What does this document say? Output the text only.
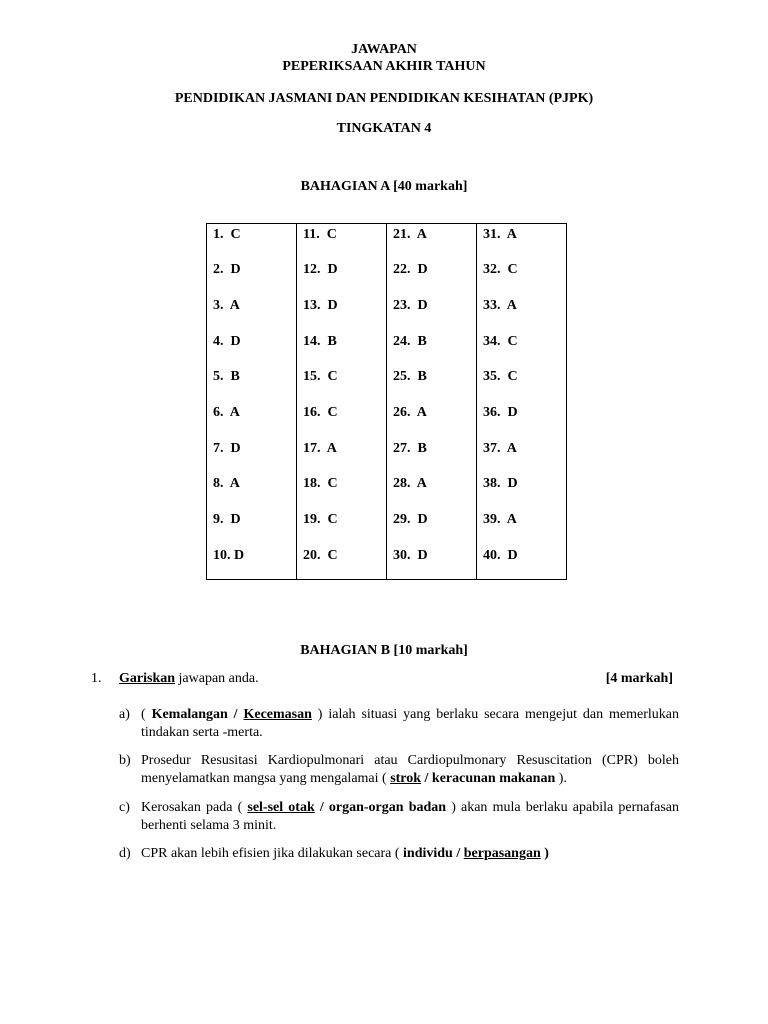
JAWAPAN
PEPERIKSAAN AKHIR TAHUN
PENDIDIKAN JASMANI DAN PENDIDIKAN KESIHATAN (PJPK)
TINGKATAN 4
BAHAGIAN A [40 markah]
1.  C	11.  C	21.  A	31.  A

2.  D	12.  D	22.  D	32.  C

3.  A	13.  D	23.  D	33.  A

4.  D	14.  B	24.  B	34.  C

5.  B	15.  C	25.  B	35.  C

6.  A	16.  C	26.  A	36.  D

7.  D	17.  A	27.  B	37.  A

8.  A	18.  C	28.  A	38.  D

9.  D	19.  C	29.  D	39.  A

10. D	20.  C	30.  D	40.  D
BAHAGIAN B [10 markah]
1. Gariskan jawapan anda.	[4 markah]
a) ( Kemalangan / Kecemasan ) ialah situasi yang berlaku secara mengejut dan memerlukan tindakan serta -merta.
b) Prosedur Resusitasi Kardiopulmonari atau Cardiopulmonary Resuscitation (CPR) boleh menyelamatkan mangsa yang mengalamai ( strok / keracunan makanan ).
c) Kerosakan pada ( sel-sel otak / organ-organ badan ) akan mula berlaku apabila pernafasan berhenti selama 3 minit.
d) CPR akan lebih efisien jika dilakukan secara ( individu / berpasangan )
